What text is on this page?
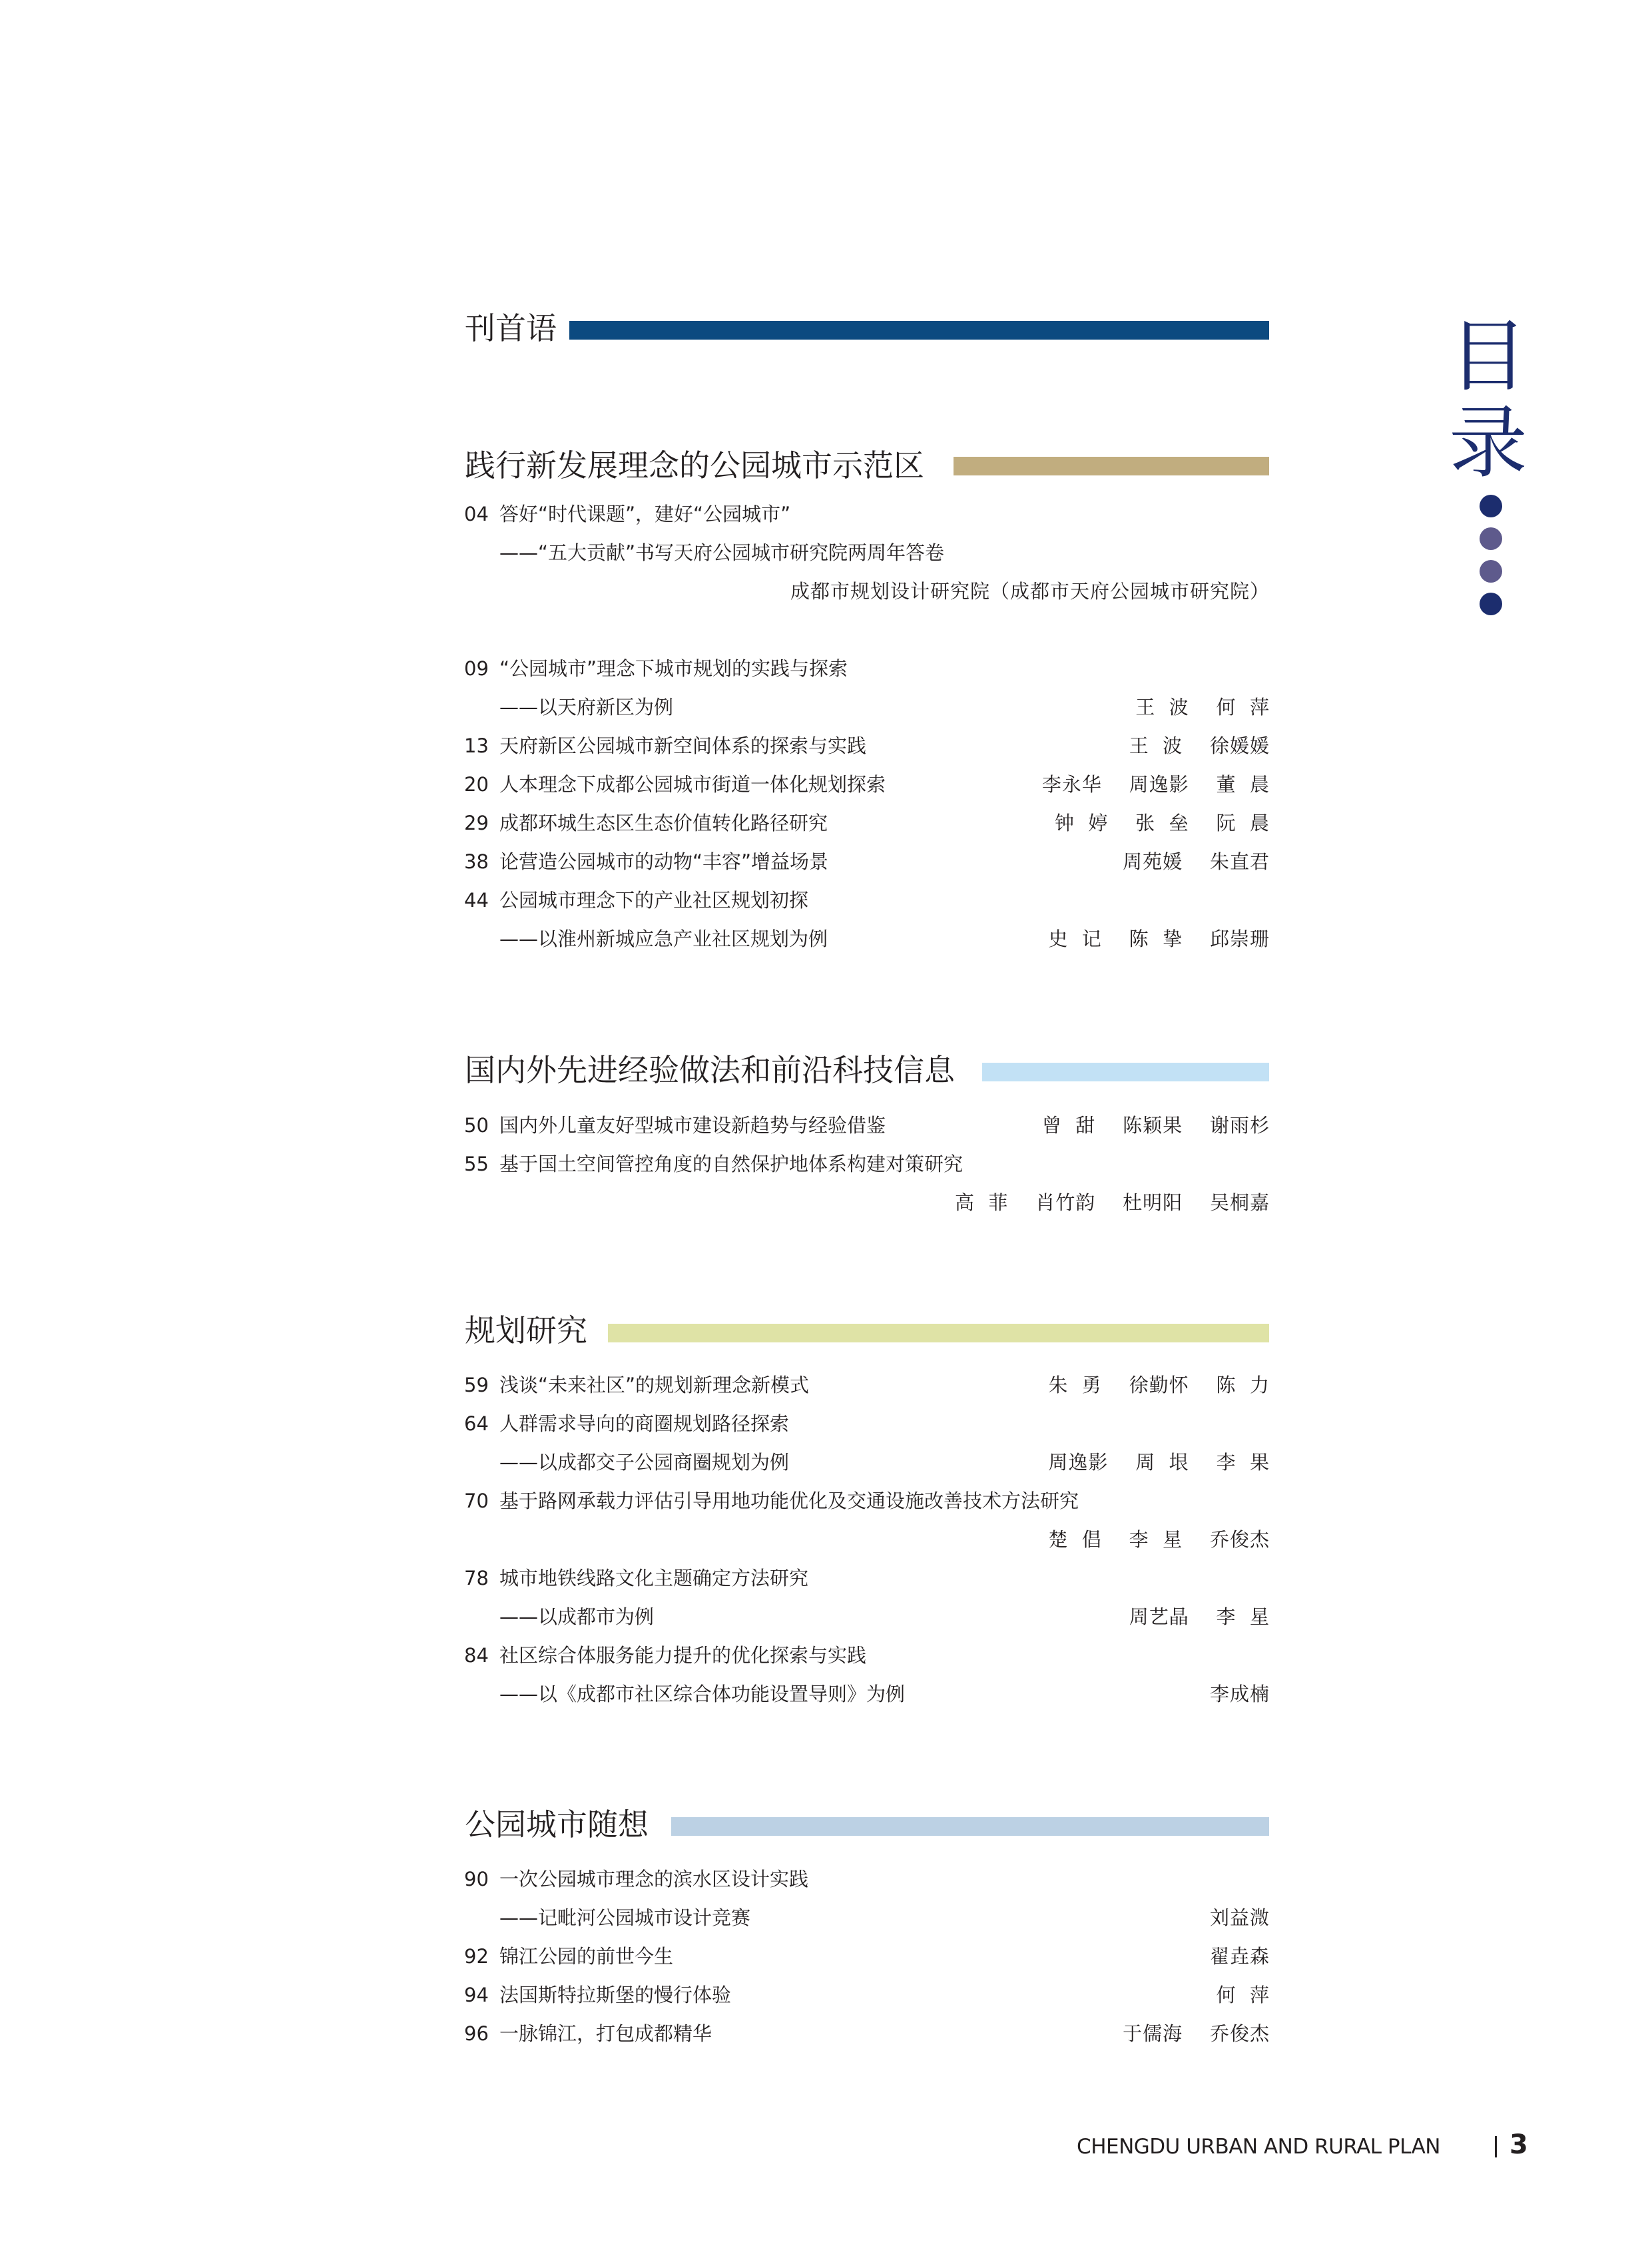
刊首语
践行新发展理念的公园城市示范区
国内外先进经验做法和前沿科技信息
规划研究
公园城市随想
04 答好“时代课题”，建好“公园城市”
——“五大贡献”书写天府公园城市研究院两周年答卷
成都市规划设计研究院（成都市天府公园城市研究院）
09 “公园城市”理念下城市规划的实践与探索
——以天府新区为例	王  波    何  萍
13 天府新区公园城市新空间体系的探索与实践	王  波    徐媛媛
20 人本理念下成都公园城市街道一体化规划探索	李永华    周逸影    董  晨
29 成都环城生态区生态价值转化路径研究	钟  婷    张  垒    阮  晨
38 论营造公园城市的动物“丰容”增益场景	周苑媛    朱直君
44 公园城市理念下的产业社区规划初探
——以淮州新城应急产业社区规划为例	史  记    陈  挚    邱崇珊
50 国内外儿童友好型城市建设新趋势与经验借鉴	曾  甜    陈颖果    谢雨杉
55 基于国土空间管控角度的自然保护地体系构建对策研究
高  菲    肖竹韵    杜明阳    吴桐嘉
59 浅谈“未来社区”的规划新理念新模式	朱  勇    徐勤怀    陈  力
64 人群需求导向的商圈规划路径探索
——以成都交子公园商圈规划为例	周逸影    周  垠    李  果
70 基于路网承载力评估引导用地功能优化及交通设施改善技术方法研究
楚  倡    李  星    乔俊杰
78 城市地铁线路文化主题确定方法研究
——以成都市为例	周艺晶    李  星
84 社区综合体服务能力提升的优化探索与实践
——以《成都市社区综合体功能设置导则》为例	李成楠
90 一次公园城市理念的滨水区设计实践
——记毗河公园城市设计竞赛	刘益溦
92 锦江公园的前世今生	翟垚森
94 法国斯特拉斯堡的慢行体验	何  萍
96 一脉锦江，打包成都精华	于儒海    乔俊杰
目录
CHENGDU URBAN AND RURAL PLAN	3
